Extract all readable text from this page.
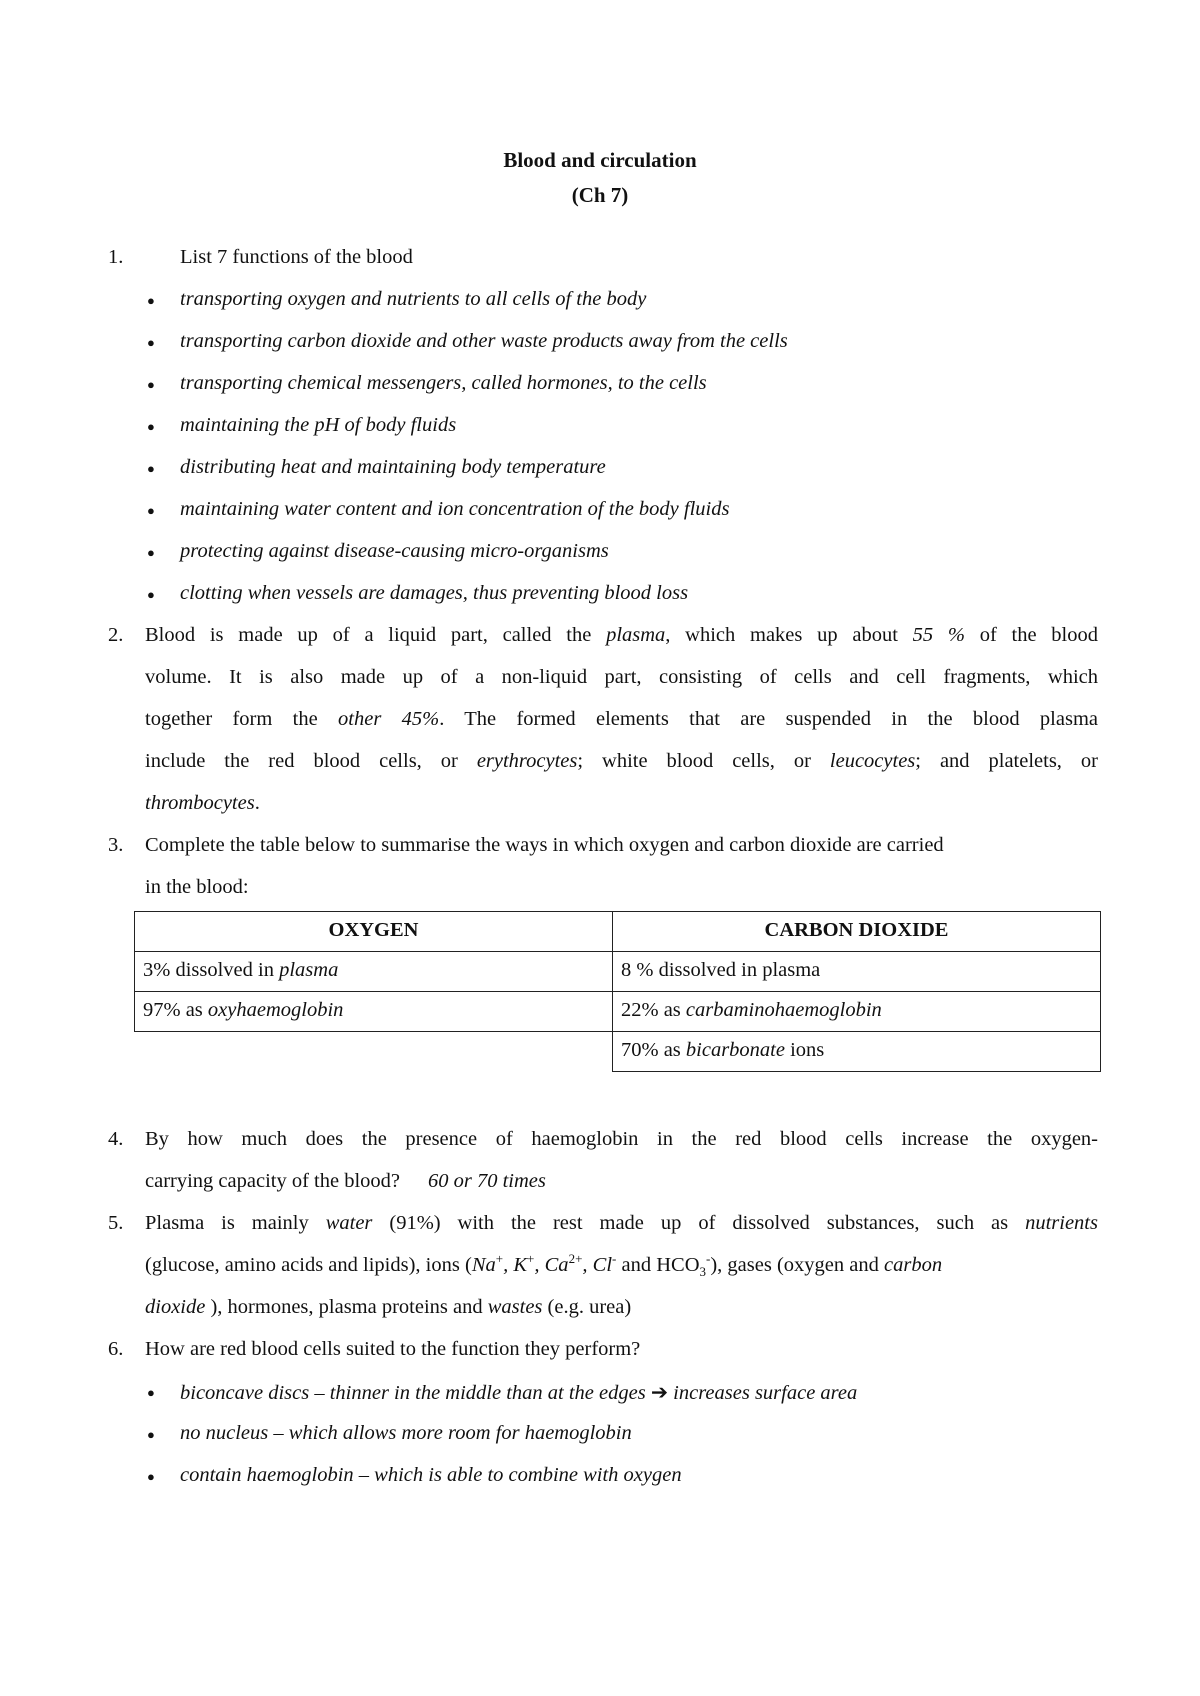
Blood and circulation
(Ch 7)
1.	List 7 functions of the blood
● transporting oxygen and nutrients to all cells of the body
● transporting carbon dioxide and other waste products away from the cells
● transporting chemical messengers, called hormones, to the cells
● maintaining the pH of body fluids
● distributing heat and maintaining body temperature
● maintaining water content and ion concentration of the body fluids
● protecting against disease-causing micro-organisms
● clotting when vessels are damages, thus preventing blood loss
2. Blood is made up of a liquid part, called the plasma, which makes up about 55 % of the blood
volume. It is also made up of a non-liquid part, consisting of cells and cell fragments, which
together form the other 45%. The formed elements that are suspended in the blood plasma
include the red blood cells, or erythrocytes; white blood cells, or leucocytes; and platelets, or
thrombocytes.
3. Complete the table below to summarise the ways in which oxygen and carbon dioxide are carried
in the blood:
OXYGEN	CARBON DIOXIDE
3% dissolved in plasma	8 % dissolved in plasma
97% as oxyhaemoglobin	22% as carbaminohaemoglobin
	70% as bicarbonate ions
4. By how much does the presence of haemoglobin in the red blood cells increase the oxygen-
carrying capacity of the blood? 60 or 70 times
5. Plasma is mainly water (91%) with the rest made up of dissolved substances, such as nutrients
(glucose, amino acids and lipids), ions (Na+, K+, $Ca^{2+}$, Cl- and $HCO_3^-$), gases (oxygen and carbon
dioxide ), hormones, plasma proteins and wastes (e.g. urea)
6. How are red blood cells suited to the function they perform?
● biconcave discs – thinner in the middle than at the edges ➔ increases surface area
● no nucleus – which allows more room for haemoglobin
● contain haemoglobin – which is able to combine with oxygen
